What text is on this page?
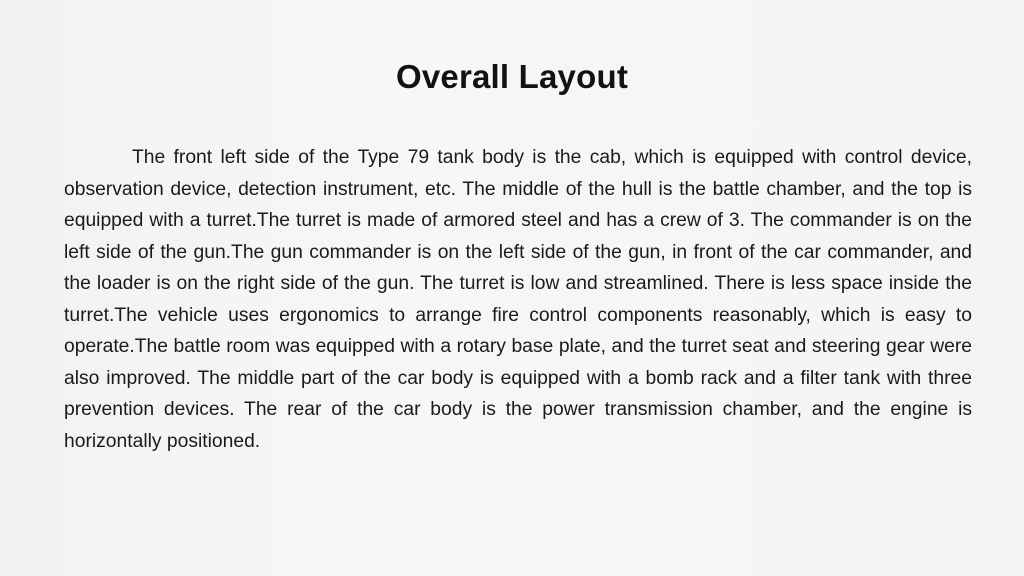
Overall Layout

The front left side of the Type 79 tank body is the cab, which is equipped with control device, observation device, detection instrument, etc. The middle of the hull is the battle chamber, and the top is equipped with a turret.The turret is made of armored steel and has a crew of 3. The commander is on the left side of the gun.The gun commander is on the left side of the gun, in front of the car commander, and the loader is on the right side of the gun. The turret is low and streamlined. There is less space inside the turret.The vehicle uses ergonomics to arrange fire control components reasonably, which is easy to operate.The battle room was equipped with a rotary base plate, and the turret seat and steering gear were also improved. The middle part of the car body is equipped with a bomb rack and a filter tank with three prevention devices. The rear of the car body is the power transmission chamber, and the engine is horizontally positioned.
